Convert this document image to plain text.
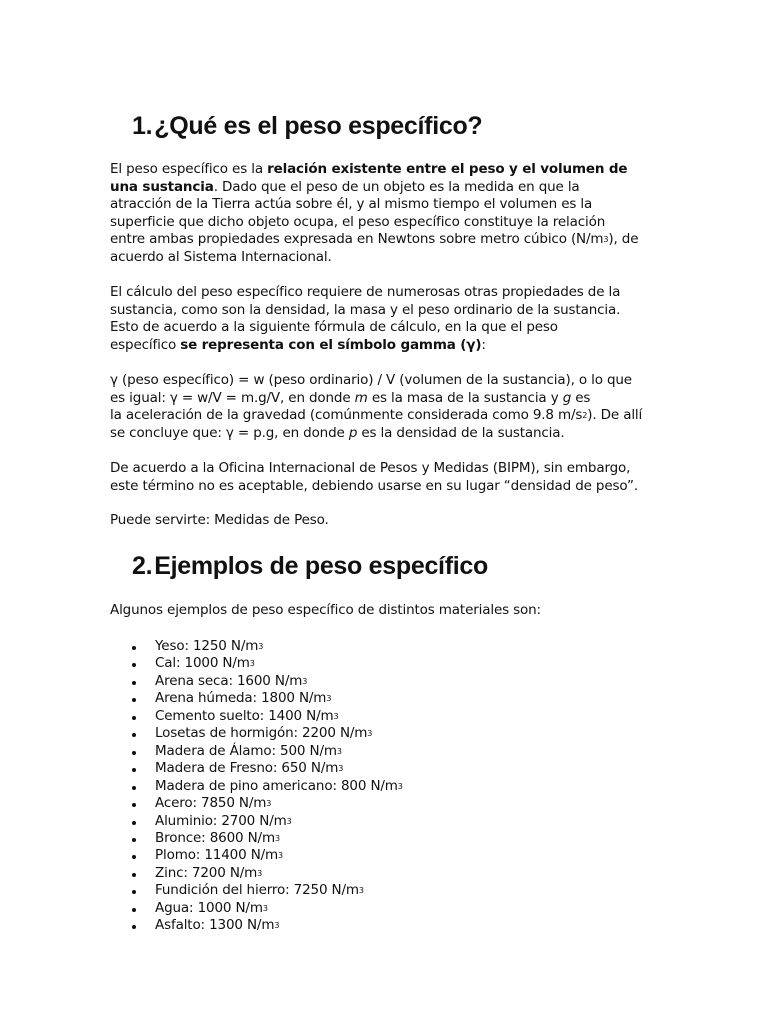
1.¿Qué es el peso específico?

El peso específico es la relación existente entre el peso y el volumen de
una sustancia. Dado que el peso de un objeto es la medida en que la
atracción de la Tierra actúa sobre él, y al mismo tiempo el volumen es la
superficie que dicho objeto ocupa, el peso específico constituye la relación
entre ambas propiedades expresada en Newtons sobre metro cúbico $(N/m^3)$, de
acuerdo al Sistema Internacional.

El cálculo del peso específico requiere de numerosas otras propiedades de la
sustancia, como son la densidad, la masa y el peso ordinario de la sustancia.
Esto de acuerdo a la siguiente fórmula de cálculo, en la que el peso
específico se representa con el símbolo gamma (γ):

γ (peso específico) = w (peso ordinario) / V (volumen de la sustancia), o lo que
es igual: γ = w/V = m.g/V, en donde m es la masa de la sustancia y g es
la aceleración de la gravedad (comúnmente considerada como 9.8 $m/s^2$). De allí
se concluye que: γ = p.g, en donde p es la densidad de la sustancia.

De acuerdo a la Oficina Internacional de Pesos y Medidas (BIPM), sin embargo,
este término no es aceptable, debiendo usarse en su lugar “densidad de peso”.

Puede servirte: Medidas de Peso.

2.Ejemplos de peso específico

Algunos ejemplos de peso específico de distintos materiales son:

Yeso: 1250 $N/m^3$
Cal: 1000 $N/m^3$
Arena seca: 1600 $N/m^3$
Arena húmeda: 1800 $N/m^3$
Cemento suelto: 1400 $N/m^3$
Losetas de hormigón: 2200 $N/m^3$
Madera de Álamo: 500 $N/m^3$
Madera de Fresno: 650 $N/m^3$
Madera de pino americano: 800 $N/m^3$
Acero: 7850 $N/m^3$
Aluminio: 2700 $N/m^3$
Bronce: 8600 $N/m^3$
Plomo: 11400 $N/m^3$
Zinc: 7200 $N/m^3$
Fundición del hierro: 7250 $N/m^3$
Agua: 1000 $N/m^3$
Asfalto: 1300 $N/m^3$
